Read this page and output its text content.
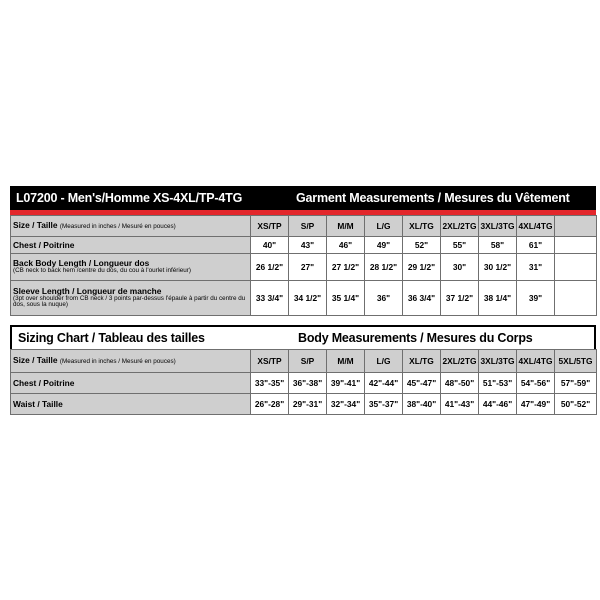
L07200 - Men's/Homme XS-4XL/TP-4TG	Garment Measurements / Mesures du Vêtement
Size / Taille (Measured in inches / Mesuré en pouces)	XS/TP	S/P	M/M	L/G	XL/TG	2XL/2TG	3XL/3TG	4XL/4TG	
Chest / Poitrine	40"	43"	46"	49"	52"	55"	58"	61"	

Back Body Length / Longueur dos
(CB neck to back hem /centre du dos, du cou à l'ourlet inférieur)	26 1/2"	27"	27 1/2"	28 1/2"	29 1/2"	30"	30 1/2"	31"	

Sleeve Length / Longueur de manche
(3pt over shoulder from CB neck / 3 points par-dessus l'épaule à partir du centre du dos, sous la nuque)	33 3/4"	34 1/2"	35 1/4"	36"	36 3/4"	37 1/2"	38 1/4"	39"	
Sizing Chart / Tableau des tailles	Body Measurements / Mesures du Corps
Size / Taille (Measured in inches / Mesuré en pouces)	XS/TP	S/P	M/M	L/G	XL/TG	2XL/2TG	3XL/3TG	4XL/4TG	5XL/5TG
Chest / Poitrine	33"-35"	36"-38"	39"-41"	42"-44"	45"-47"	48"-50"	51"-53"	54"-56"	57"-59"
Waist / Taille	26"-28"	29"-31"	32"-34"	35"-37"	38"-40"	41"-43"	44"-46"	47"-49"	50"-52"
